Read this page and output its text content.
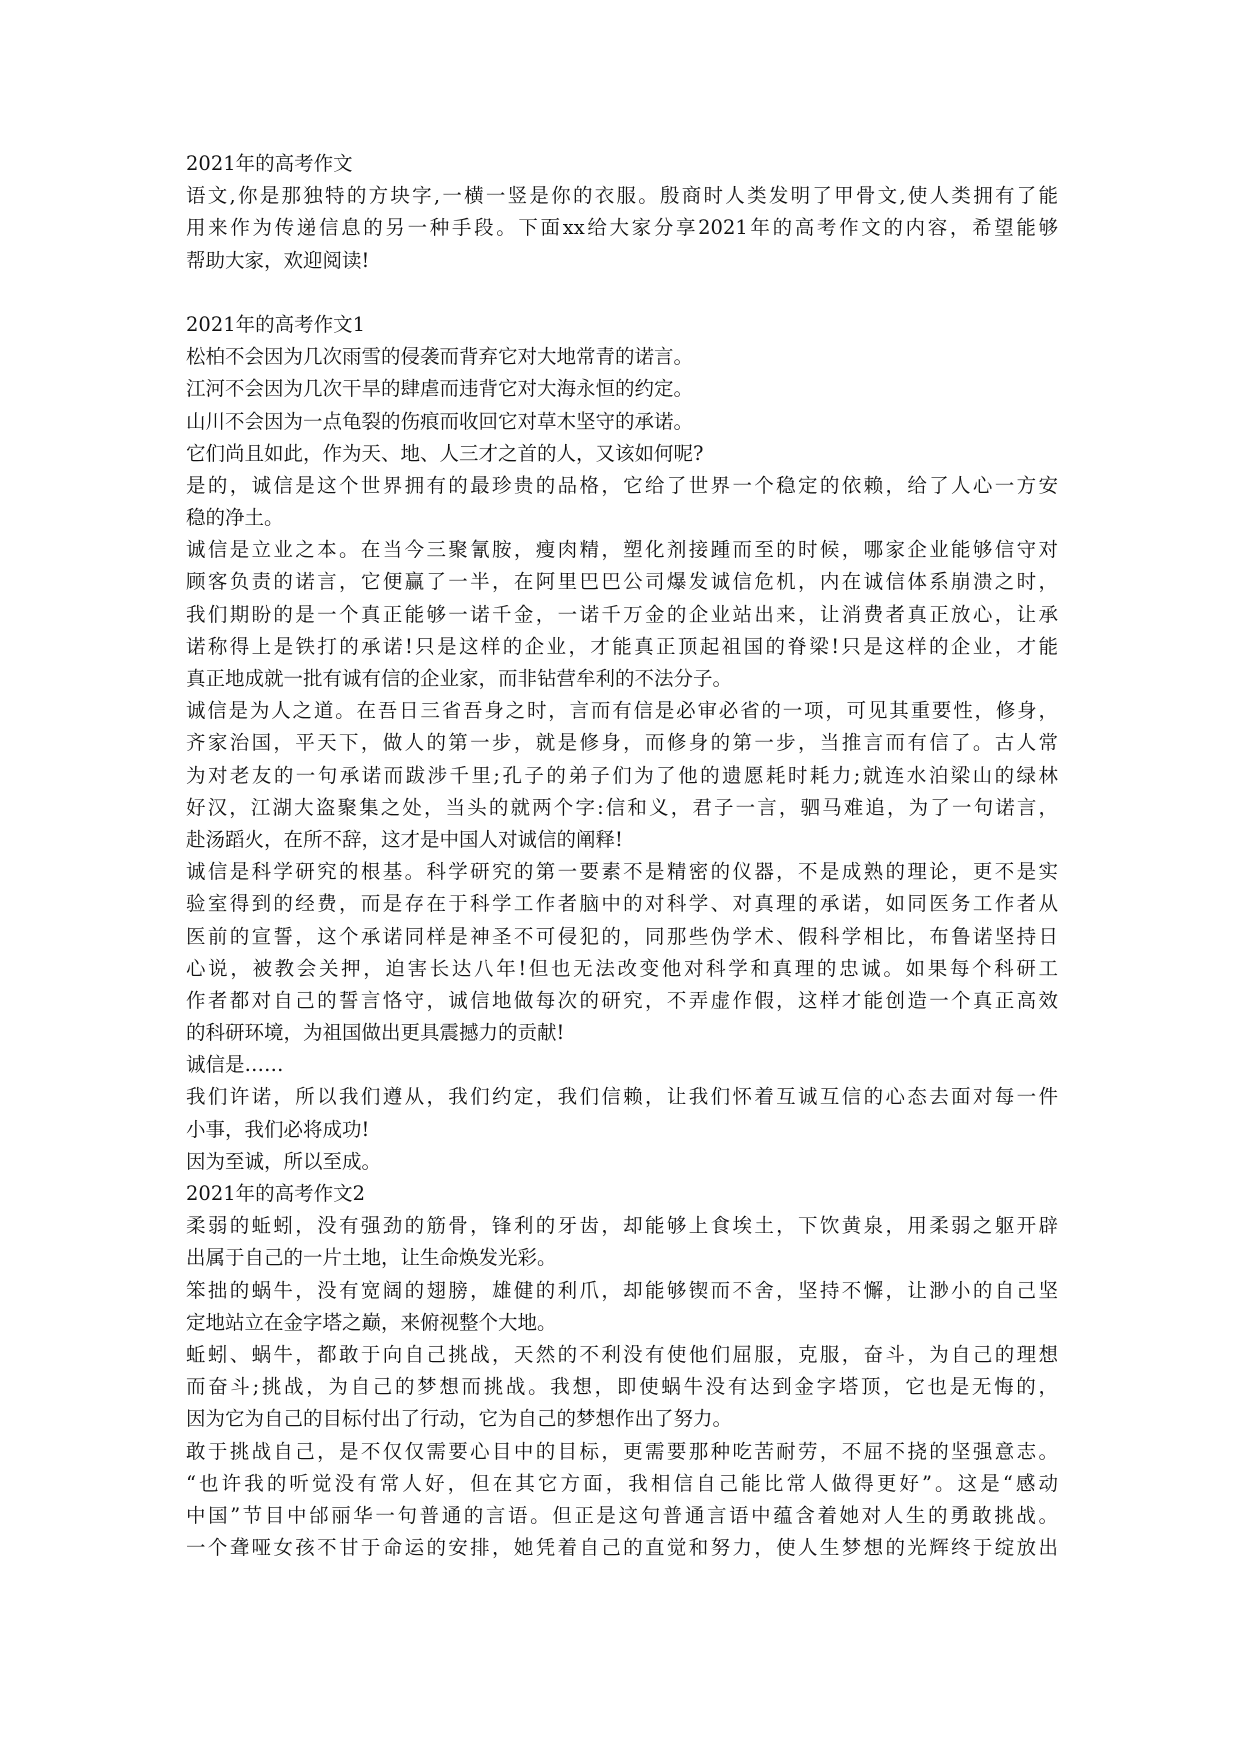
2021年的高考作文
语文,你是那独特的方块字,一横一竖是你的衣服。殷商时人类发明了甲骨文,使人类拥有了能
用来作为传递信息的另一种手段。下面xx给大家分享2021年的高考作文的内容，希望能够
帮助大家，欢迎阅读!
2021年的高考作文1
松柏不会因为几次雨雪的侵袭而背弃它对大地常青的诺言。
江河不会因为几次干旱的肆虐而违背它对大海永恒的约定。
山川不会因为一点龟裂的伤痕而收回它对草木坚守的承诺。
它们尚且如此，作为天、地、人三才之首的人，又该如何呢?
是的，诚信是这个世界拥有的最珍贵的品格，它给了世界一个稳定的依赖，给了人心一方安
稳的净土。
诚信是立业之本。在当今三聚氰胺，瘦肉精，塑化剂接踵而至的时候，哪家企业能够信守对
顾客负责的诺言，它便赢了一半，在阿里巴巴公司爆发诚信危机，内在诚信体系崩溃之时，
我们期盼的是一个真正能够一诺千金，一诺千万金的企业站出来，让消费者真正放心，让承
诺称得上是铁打的承诺!只是这样的企业，才能真正顶起祖国的脊梁!只是这样的企业，才能
真正地成就一批有诚有信的企业家，而非钻营牟利的不法分子。
诚信是为人之道。在吾日三省吾身之时，言而有信是必审必省的一项，可见其重要性，修身，
齐家治国，平天下，做人的第一步，就是修身，而修身的第一步，当推言而有信了。古人常
为对老友的一句承诺而跋涉千里;孔子的弟子们为了他的遗愿耗时耗力;就连水泊梁山的绿林
好汉，江湖大盗聚集之处，当头的就两个字:信和义，君子一言，驷马难追，为了一句诺言，
赴汤蹈火，在所不辞，这才是中国人对诚信的阐释!
诚信是科学研究的根基。科学研究的第一要素不是精密的仪器，不是成熟的理论，更不是实
验室得到的经费，而是存在于科学工作者脑中的对科学、对真理的承诺，如同医务工作者从
医前的宣誓，这个承诺同样是神圣不可侵犯的，同那些伪学术、假科学相比，布鲁诺坚持日
心说，被教会关押，迫害长达八年!但也无法改变他对科学和真理的忠诚。如果每个科研工
作者都对自己的誓言恪守，诚信地做每次的研究，不弄虚作假，这样才能创造一个真正高效
的科研环境，为祖国做出更具震撼力的贡献!
诚信是……
我们许诺，所以我们遵从，我们约定，我们信赖，让我们怀着互诚互信的心态去面对每一件
小事，我们必将成功!
因为至诚，所以至成。
2021年的高考作文2
柔弱的蚯蚓，没有强劲的筋骨，锋利的牙齿，却能够上食埃土，下饮黄泉，用柔弱之躯开辟
出属于自己的一片土地，让生命焕发光彩。
笨拙的蜗牛，没有宽阔的翅膀，雄健的利爪，却能够锲而不舍，坚持不懈，让渺小的自己坚
定地站立在金字塔之巅，来俯视整个大地。
蚯蚓、蜗牛，都敢于向自己挑战，天然的不利没有使他们屈服，克服，奋斗，为自己的理想
而奋斗;挑战，为自己的梦想而挑战。我想，即使蜗牛没有达到金字塔顶，它也是无悔的，
因为它为自己的目标付出了行动，它为自己的梦想作出了努力。
敢于挑战自己，是不仅仅需要心目中的目标，更需要那种吃苦耐劳，不屈不挠的坚强意志。
“也许我的听觉没有常人好，但在其它方面，我相信自己能比常人做得更好”。这是“感动
中国”节目中邰丽华一句普通的言语。但正是这句普通言语中蕴含着她对人生的勇敢挑战。
一个聋哑女孩不甘于命运的安排，她凭着自己的直觉和努力，使人生梦想的光辉终于绽放出
